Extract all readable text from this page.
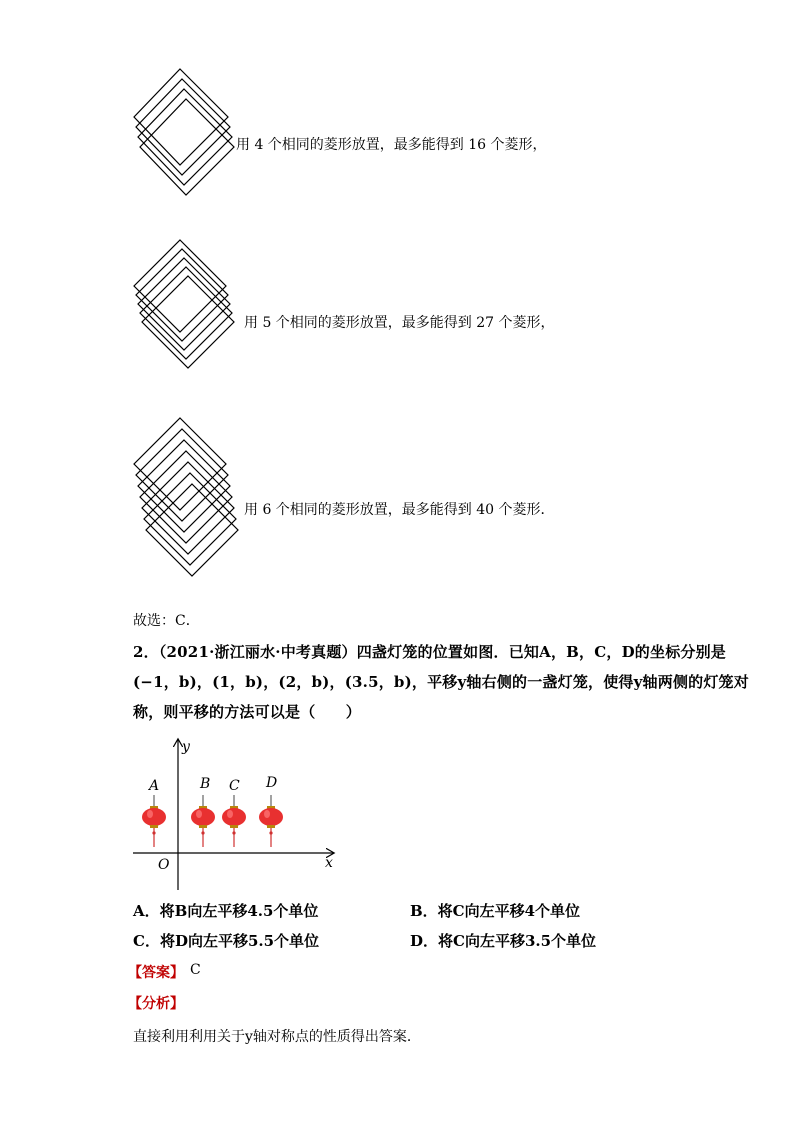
用 4 个相同的菱形放置，最多能得到 16 个菱形，
用 5 个相同的菱形放置，最多能得到 27 个菱形，
用 6 个相同的菱形放置，最多能得到 40 个菱形．
故选：C．
2．（2021·浙江丽水·中考真题）四盏灯笼的位置如图．已知A，B，C，D的坐标分别是
(−1，b)，(1，b)，(2，b)，(3.5，b)，平移y轴右侧的一盏灯笼，使得y轴两侧的灯笼对
称，则平移的方法可以是（　　）
x
y
O
A	B C D
A．将B向左平移4.5个单位	B．将C向左平移4个单位
C．将D向左平移5.5个单位	D．将C向左平移3.5个单位
【答案】 C
【分析】
直接利用利用关于y轴对称点的性质得出答案．
